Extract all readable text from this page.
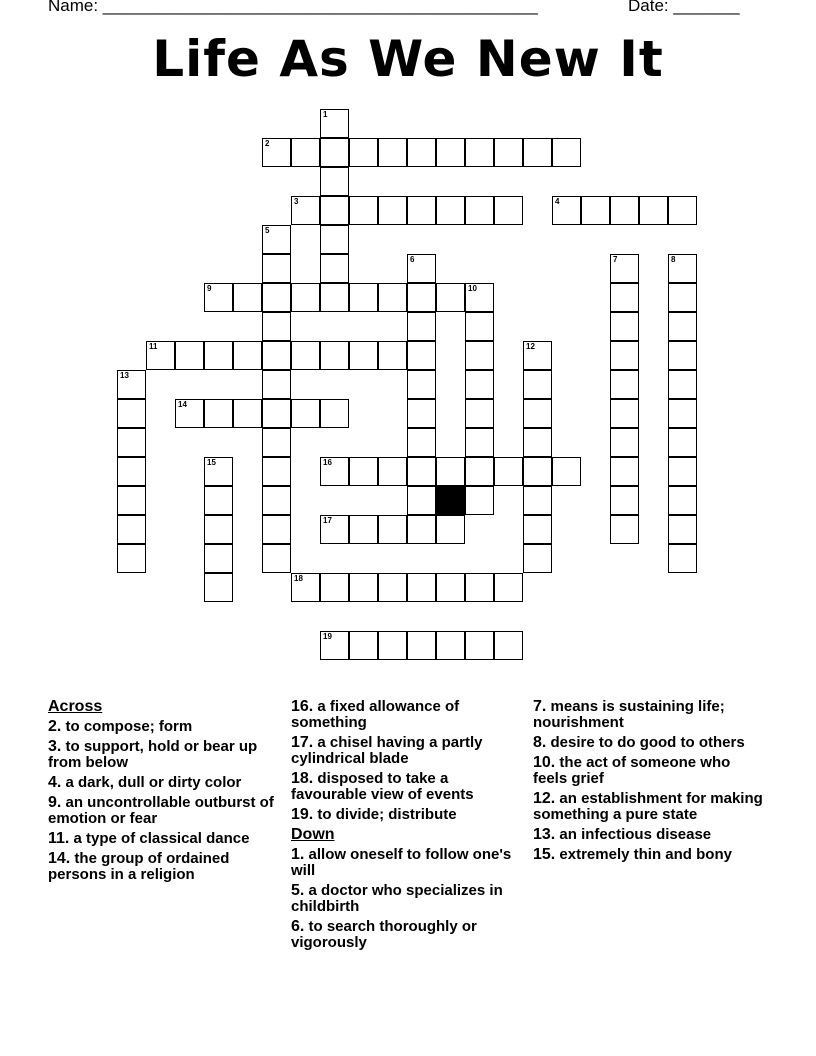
Name: ______________________________________________	Date: _______
Life As We New It
1
2
3	4
5
6	7	8
9	10
11	12
13
14
15	16
17
18
19
Across
2. to compose; form
3. to support, hold or bear up from below
4. a dark, dull or dirty color
9. an uncontrollable outburst of emotion or fear
11. a type of classical dance
14. the group of ordained persons in a religion
16. a fixed allowance of something
17. a chisel having a partly cylindrical blade
18. disposed to take a favourable view of events
19. to divide; distribute
Down
1. allow oneself to follow one's will
5. a doctor who specializes in childbirth
6. to search thoroughly or vigorously
7. means is sustaining life; nourishment
8. desire to do good to others
10. the act of someone who feels grief
12. an establishment for making something a pure state
13. an infectious disease
15. extremely thin and bony
